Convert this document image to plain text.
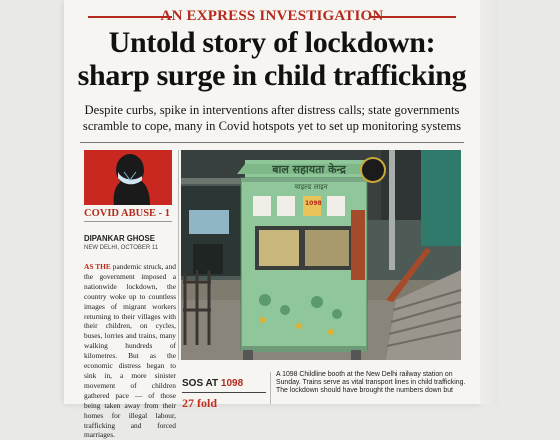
AN EXPRESS INVESTIGATION
Untold story of lockdown:
sharp surge in child trafficking
Despite curbs, spike in interventions after distress calls; state governments
scramble to cope, many in Covid hotspots yet to set up monitoring systems
COVID ABUSE - 1
DIPANKAR GHOSE
NEW DELHI, OCTOBER 11
AS THE pandemic struck, and the government imposed a nationwide lockdown, the country woke up to countless images of migrant workers returning to their villages with their children, on cycles, buses, lorries and trains, many walking hundreds of kilometres. But as the economic distress began to sink in, a more sinister movement of children gathered pace — of those being taken away from their homes for illegal labour, trafficking and forced marriages.
बाल सहायता केन्द्र
चाइल्ड लाइन
1098
SOS AT 1098
27 fold
A 1098 Childline booth at the New Delhi railway station on Sunday. Trains serve as vital transport lines in child trafficking. The lockdown should have brought the numbers down but
